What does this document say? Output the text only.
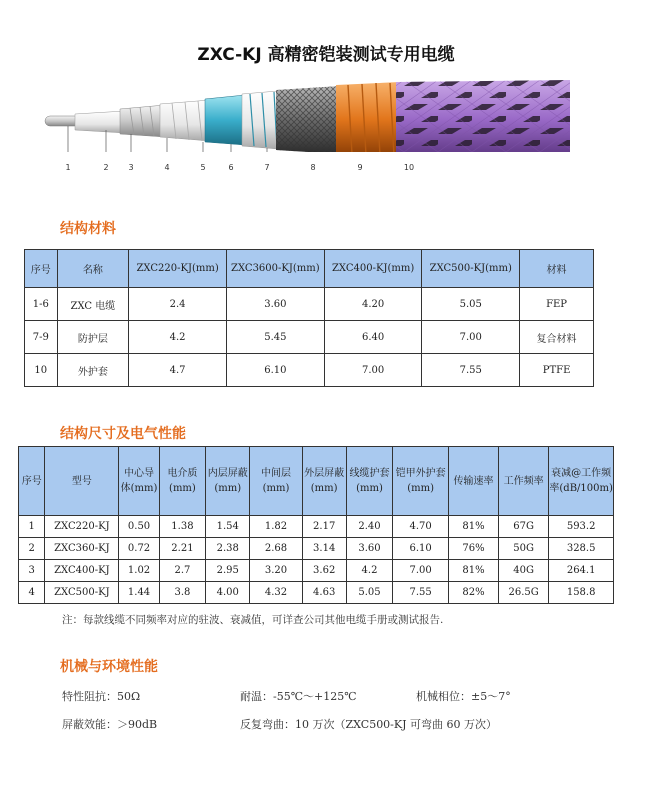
ZXC-KJ 高精密铠装测试专用电缆
1	2	3	4	5	6	7	8	9	10
结构材料
序号	名称	ZXC220-KJ(mm)	ZXC3600-KJ(mm)	ZXC400-KJ(mm)	ZXC500-KJ(mm)	材料
1-6	ZXC 电缆	2.4	3.60	4.20	5.05	FEP
7-9	防护层	4.2	5.45	6.40	7.00	复合材料
10	外护套	4.7	6.10	7.00	7.55	PTFE
结构尺寸及电气性能
序号	型号	中心导体(mm)	电介质(mm)	内层屏蔽(mm)	中间层(mm)	外层屏蔽(mm)	线缆护套(mm)	铠甲外护套(mm)	传输速率	工作频率	衰减@工作频率(dB/100m)
1	ZXC220-KJ	0.50	1.38	1.54	1.82	2.17	2.40	4.70	81%	67G	593.2
2	ZXC360-KJ	0.72	2.21	2.38	2.68	3.14	3.60	6.10	76%	50G	328.5
3	ZXC400-KJ	1.02	2.7	2.95	3.20	3.62	4.2	7.00	81%	40G	264.1
4	ZXC500-KJ	1.44	3.8	4.00	4.32	4.63	5.05	7.55	82%	26.5G	158.8
注：每款线缆不同频率对应的驻波、衰减值，可详查公司其他电缆手册或测试报告.
机械与环境性能
特性阻抗：50Ω	耐温：-55℃～+125℃	机械相位：±5～7°
屏蔽效能：＞90dB	反复弯曲：10 万次（ZXC500-KJ 可弯曲 60 万次）
